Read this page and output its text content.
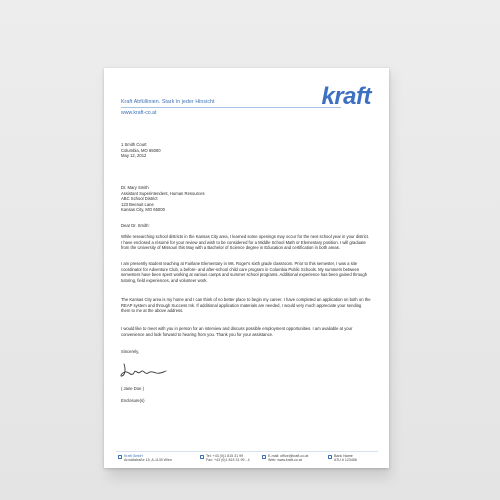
Kraft Abfüllinien. Stark in jeder Hinsicht
www.kraft-co.at
kraft
1 Smith Court
Columbia, MO 65000
May 12, 2012
Dr. Mary Smith
Assistant Superintendent, Human Resources
ABC School District
123 Beenuit Lane
Kansas City, MO 65000
Dear Dr. Smith:
While researching school districts in the Kansas City area, I learned some openings may occur for the next school year in your district. I have enclosed a résumé for your review and wish to be considered for a Middle School Math or Elementary position. I will graduate from the University of Missouri this May with a Bachelor of Science degree in Education and certification in both areas.
I am presently student teaching at Fairlane Elementary in Ms. Roger's sixth grade classroom. Prior to this semester, I was a site coordinator for Adventure Club, a before- and after-school child care program in Columbia Public Schools. My summers between semesters have been spent working at various camps and summer school programs. Additional experience has been gained through tutoring, field experiences, and volunteer work.
The Kansas City area is my home and I can think of no better place to begin my career. I have completed an application on both on the REAP system and through Success Ink. If additional application materials are needed, I would very much appreciate your sending them to me at the above address.
I would like to meet with you in person for an interview and discuss possible employment opportunities. I am available at your convenience and look forward to hearing from you. Thank you for your assistance.
Sincerely,
( Jane Doe )
Enclosure(s)
Kraft GmbH
Arnoldstraße 15, A-1130 Wien
Tel: +43 (0)1 815 31 99
Fax: +43 (0)1 815 31 99 - 4
E-mail: office@kraft-co.at
Web: www.kraft-co.at
Bank Name
ATU # 123456
